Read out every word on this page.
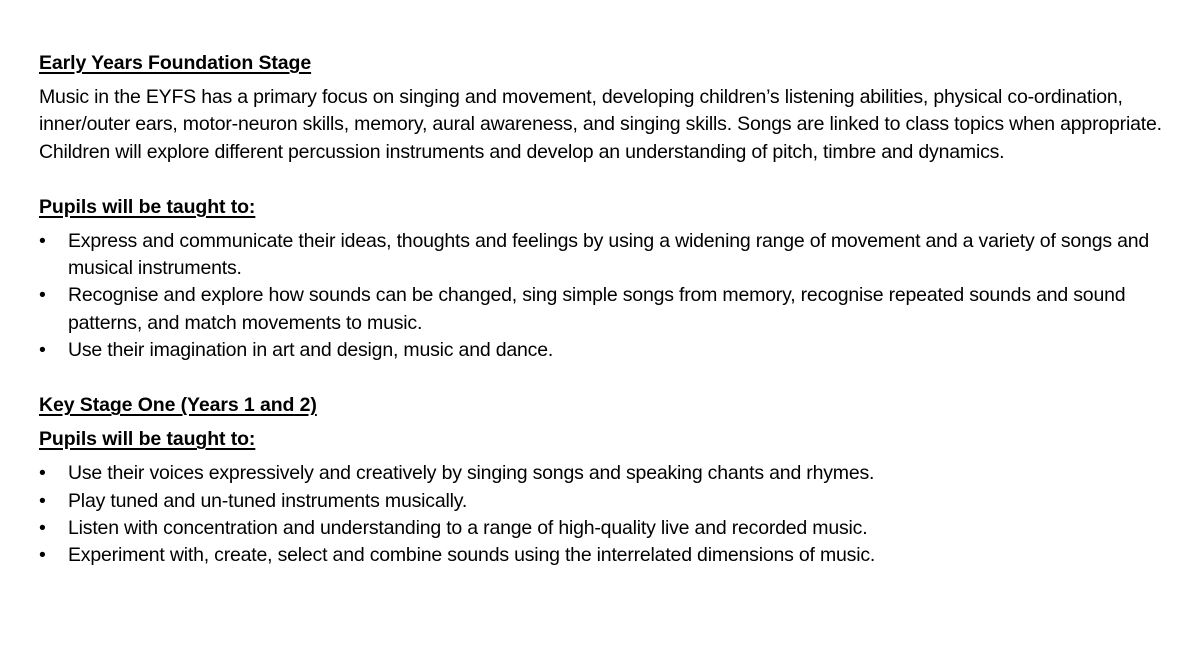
Early Years Foundation Stage

Music in the EYFS has a primary focus on singing and movement, developing children’s listening abilities, physical co-ordination, inner/outer ears, motor-neuron skills, memory, aural awareness, and singing skills. Songs are linked to class topics when appropriate. Children will explore different percussion instruments and develop an understanding of pitch, timbre and dynamics.

Pupils will be taught to:
• Express and communicate their ideas, thoughts and feelings by using a widening range of movement and a variety of songs and musical instruments.
• Recognise and explore how sounds can be changed, sing simple songs from memory, recognise repeated sounds and sound patterns, and match movements to music.
• Use their imagination in art and design, music and dance.
Key Stage One (Years 1 and 2)
Pupils will be taught to:
• Use their voices expressively and creatively by singing songs and speaking chants and rhymes.
• Play tuned and un-tuned instruments musically.
• Listen with concentration and understanding to a range of high-quality live and recorded music.
• Experiment with, create, select and combine sounds using the interrelated dimensions of music.
